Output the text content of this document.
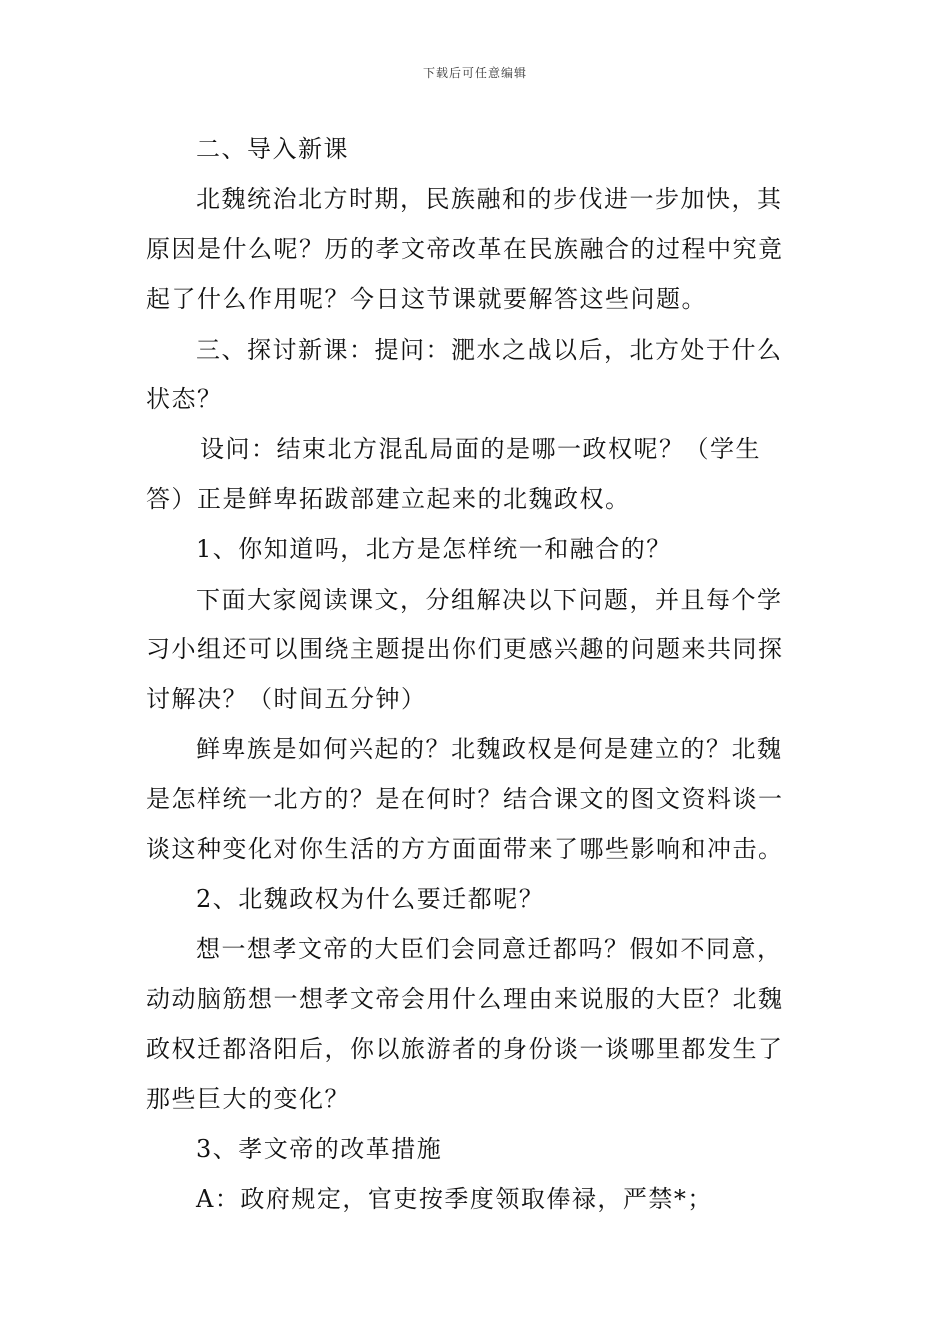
下载后可任意编辑
二、导入新课
北魏统治北方时期，民族融和的步伐进一步加快，其
原因是什么呢？历的孝文帝改革在民族融合的过程中究竟
起了什么作用呢？今日这节课就要解答这些问题。
三、探讨新课：提问：淝水之战以后，北方处于什么
状态？
设问：结束北方混乱局面的是哪一政权呢？（学生
答）正是鲜卑拓跋部建立起来的北魏政权。
1、你知道吗，北方是怎样统一和融合的？
下面大家阅读课文，分组解决以下问题，并且每个学
习小组还可以围绕主题提出你们更感兴趣的问题来共同探
讨解决？（时间五分钟）
鲜卑族是如何兴起的？北魏政权是何是建立的？北魏
是怎样统一北方的？是在何时？结合课文的图文资料谈一
谈这种变化对你生活的方方面面带来了哪些影响和冲击。
2、北魏政权为什么要迁都呢？
想一想孝文帝的大臣们会同意迁都吗？假如不同意，
动动脑筋想一想孝文帝会用什么理由来说服的大臣？北魏
政权迁都洛阳后，你以旅游者的身份谈一谈哪里都发生了
那些巨大的变化？
3、孝文帝的改革措施
A：政府规定，官吏按季度领取俸禄，严禁*；
